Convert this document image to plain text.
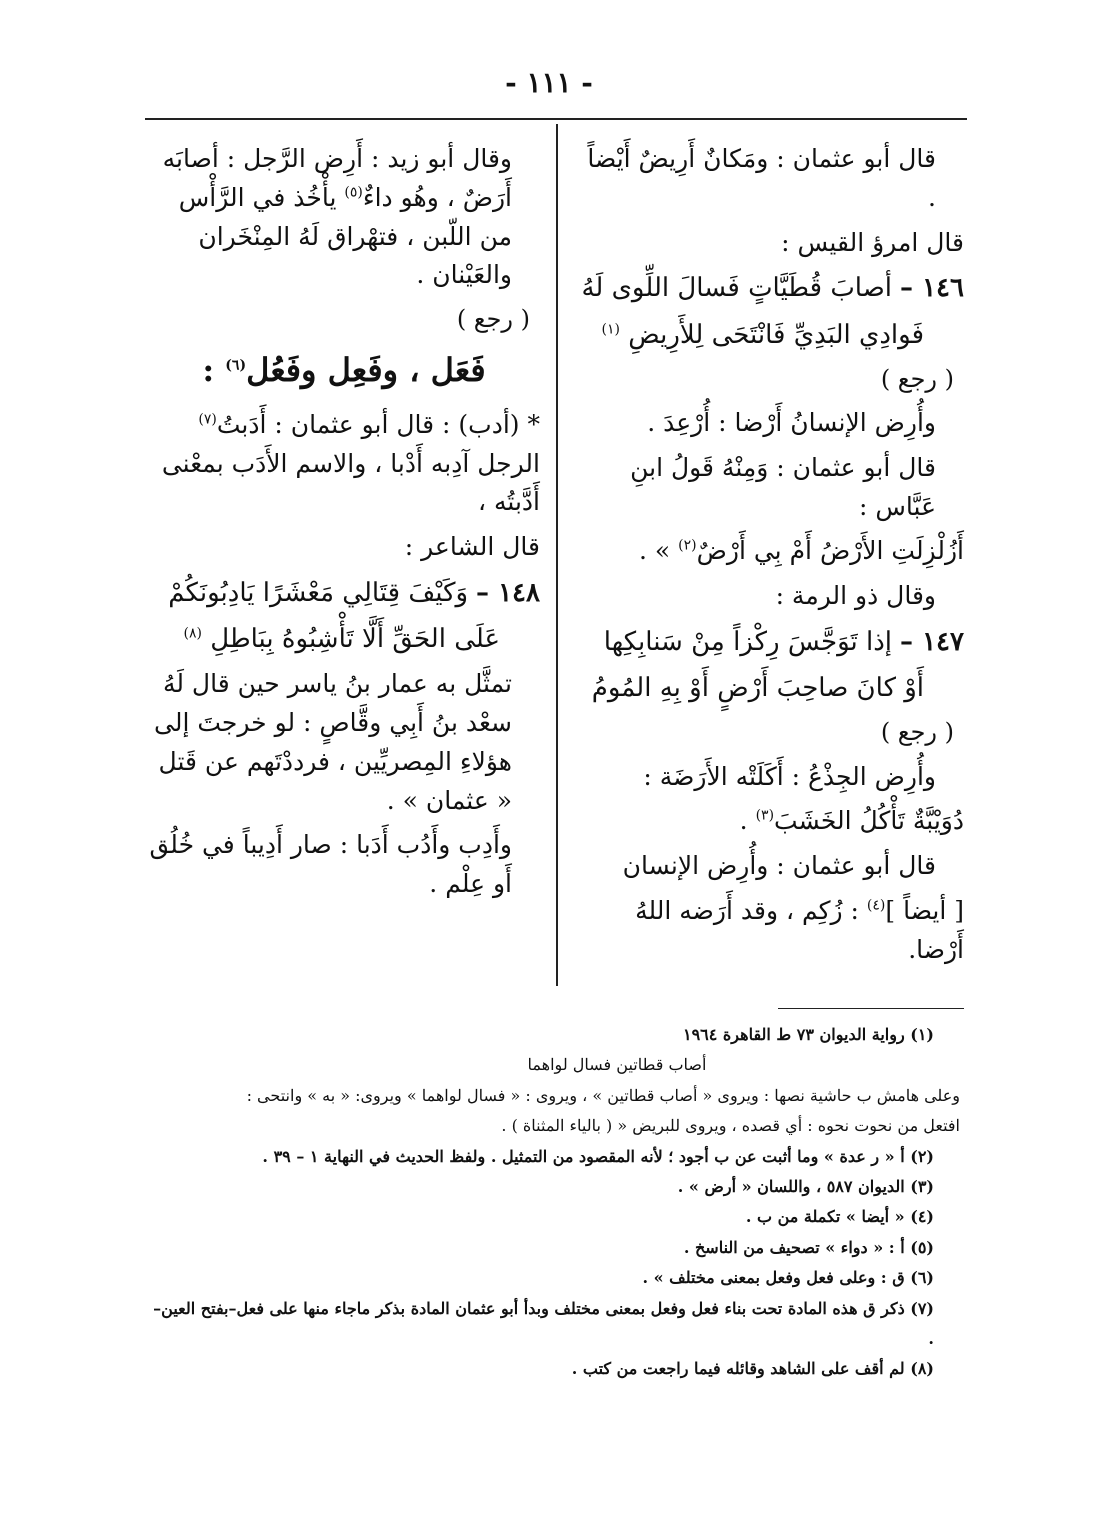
- ١١١ -

قال أبو عثمان : ومَكانٌ أَرِيضٌ أَيْضاً .

قال امرؤ القيس :

١٤٦ –أصابَ قُطَيَّاتٍ فَسالَ اللِّوى لَهُ

فَوادِي البَدِيِّ فَانْتَحَى لِلأَرِيضِ $^{(١)}$

( رجع )

وأُرِض الإنسانُ أَرْضا : أُرْعِدَ .

قال أبو عثمان : وَمِنْهُ قَولُ ابنِ عَبَّاس :

أَزُلْزِلَتِ الأَرْضُ أَمْ بِي أَرْضٌ$^{(٢)}$ » .

وقال ذو الرمة :

١٤٧ –إذا تَوَجَّسَ رِكْزاً مِنْ سَنابِكِها

أَوْ كانَ صاحِبَ أَرْضٍ أَوْ بِهِ المُومُ

( رجع )

وأُرِض الجِذْعُ : أَكَلَتْه الأَرَضَة :

دُوَيْبَّةٌ تَأْكُلُ الخَشَبَ$^{(٣)}$ .

قال أبو عثمان : وأُرِض الإنسان

[ أيضاً ]$^{(٤)}$ : زُكِم ، وقد أَرَضه اللهُ أَرْضا.

وقال أبو زيد : أَرِض الرَّجل : أصابَه أَرَضٌ ، وهُو داءٌ$^{(٥)}$ يأْخُذ في الرَّأْس من اللّبن ، فتهْراق لَهُ المِنْخَران والعَيْنان .

( رجع )

فَعَل ، وفَعِل وفَعُل$^{(٦)}$ :

* (أدب) : قال أبو عثمان : أَدَبتُ$^{(٧)}$ الرجل آدِبه أَدْبا ، والاسم الأَدَب بمعْنى أَدَّبتُه ،

قال الشاعر :

١٤٨ –وَكَيْفَ قِتَالِي مَعْشَرًا يَادِبُونَكُمْ

عَلَى الحَقِّ أَلَّا تَأْشِبُوهُ بِبَاطِلِ $^{(٨)}$

تمثَّل به عمار بنُ ياسر حين قال لَهُ سعْد بنُ أَبِي وقَّاصٍ : لو خرجتَ إلى هؤلاءِ المِصريِّين ، فرددْتَهم عن قَتل « عثمان » .

وأَدِب وأَدُب أَدَبا : صار أَدِيباً في خُلُق أَو عِلْم .

(١) رواية الديوان ٧٣ ط القاهرة ١٩٦٤

أصاب قطاتين فسال لواهما

وعلى هامش ب حاشية نصها : ويروى « أصاب قطاتين » ، ويروى : « فسال لواهما » ويروى: « به » وانتحى :

افتعل من نحوت نحوه : أي قصده ، ويروى للبريض « ( بالياء المثناة ) .

(٢) أ « ر عدة » وما أثبت عن ب أجود ؛ لأنه المقصود من التمثيل . ولفظ الحديث في النهاية ١ – ٣٩ .

(٣) الديوان ٥٨٧ ، واللسان « أرض » .

(٤) « أيضا » تكملة من ب .

(٥) أ : « دواء » تصحيف من الناسخ .

(٦) ق : وعلى فعل وفعل بمعنى مختلف » .

(٧) ذكر ق هذه المادة تحت بناء فعل وفعل بمعنى مختلف وبدأ أبو عثمان المادة بذكر ماجاء منها على فعل–بفتح العين– .

(٨) لم أقف على الشاهد وقائله فيما راجعت من كتب .
